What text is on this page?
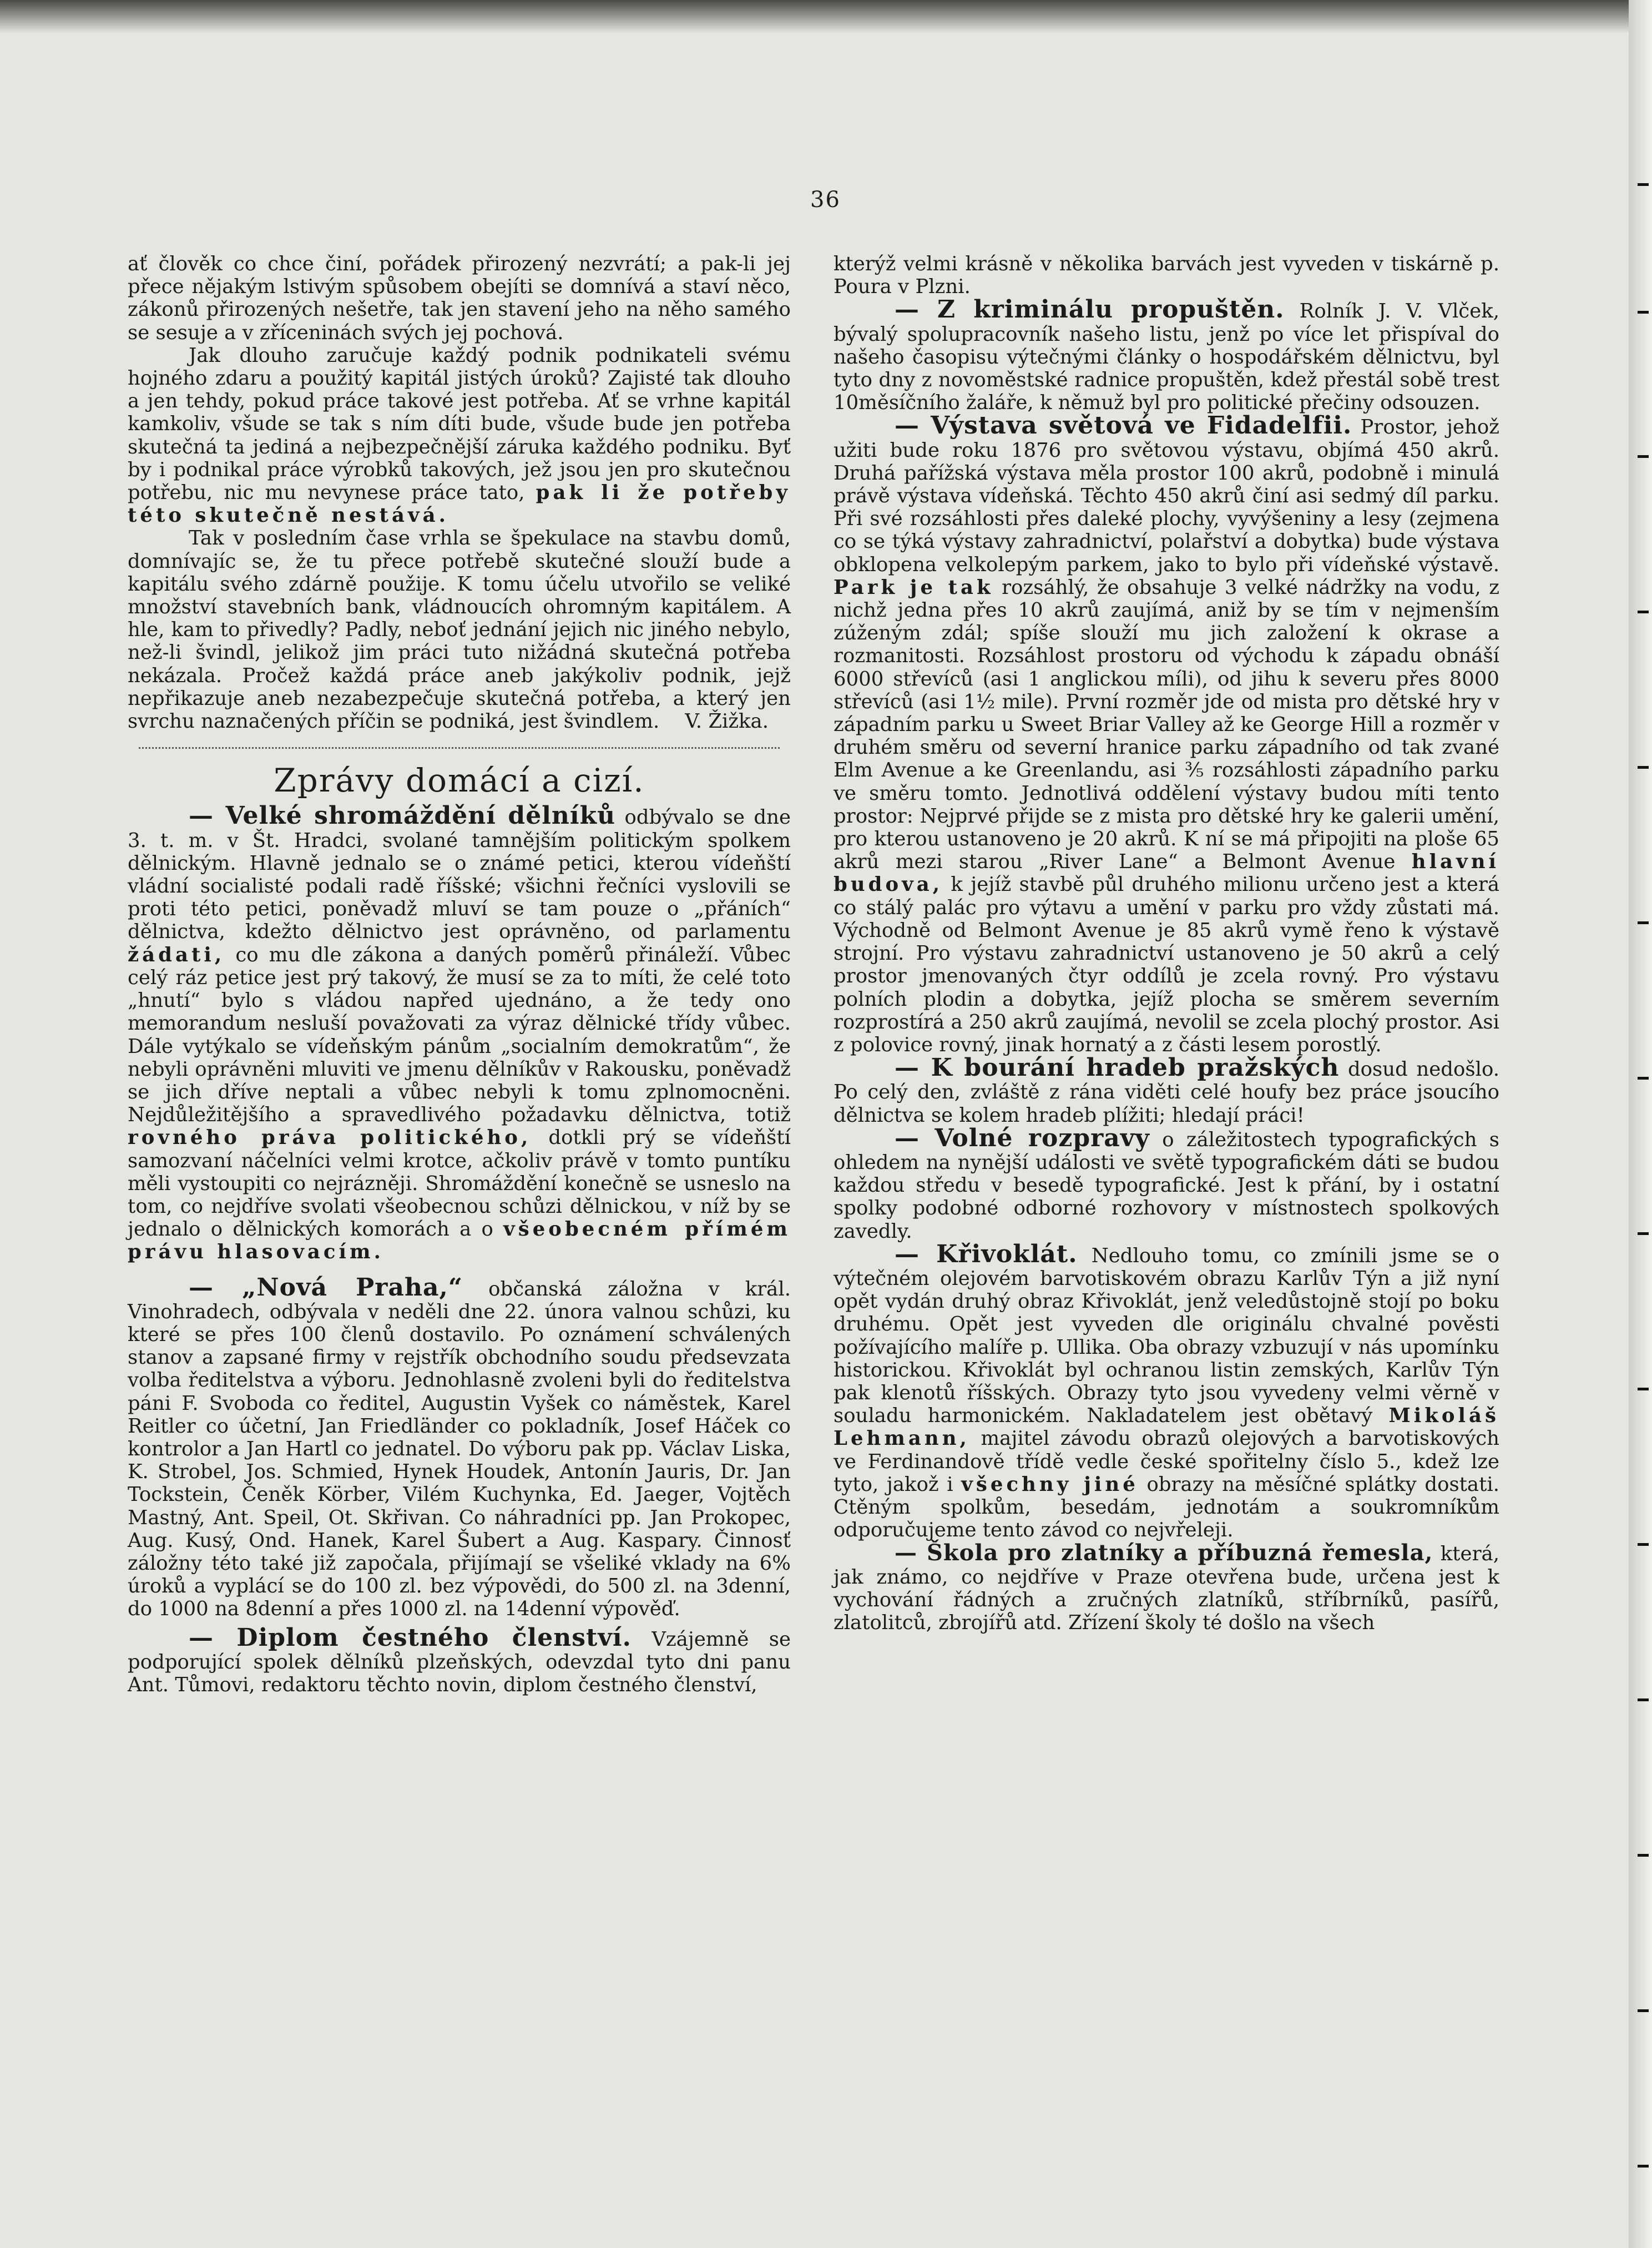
36

ať člověk co chce činí, pořádek přirozený nezvrátí; a pak-li jej přece nějakým lstivým spůsobem obejíti se domnívá a staví něco, zákonů přirozených nešetře, tak jen stavení jeho na něho samého se sesuje a v zříceninách svých jej pochová.

Jak dlouho zaručuje každý podnik podnikateli svému hojného zdaru a použitý kapitál jistých úroků? Zajisté tak dlouho a jen tehdy, pokud práce takové jest potřeba. Ať se vrhne kapitál kamkoliv, všude se tak s ním díti bude, všude bude jen potřeba skutečná ta jediná a nejbezpečnější záruka každého podniku. Byť by i podnikal práce výrobků takových, jež jsou jen pro skutečnou potřebu, nic mu nevynese práce tato, pak li že potřeby této skutečně nestává.

Tak v posledním čase vrhla se špekulace na stavbu domů, domnívajíc se, že tu přece potřebě skutečné slouží bude a kapitálu svého zdárně použije. K tomu účelu utvořilo se veliké množství stavebních bank, vládnoucích ohromným kapitálem. A hle, kam to přivedly? Padly, neboť jednání jejich nic jiného nebylo, než-li švindl, jelikož jim práci tuto nižádná skutečná potřeba nekázala. Pročež každá práce aneb jakýkoliv podnik, jejž nepřikazuje aneb nezabezpečuje skutečná potřeba, a který jen svrchu naznačených příčin se podniká, jest švindlem.	V. Žižka.

Zprávy domácí a cizí.

— Velké shromáždění dělníků odbývalo se dne 3. t. m. v Št. Hradci, svolané tamnějším politickým spolkem dělnickým. Hlavně jednalo se o známé petici, kterou vídeňští vládní socialisté podali radě říšské; všichni řečníci vyslovili se proti této petici, poněvadž mluví se tam pouze o „přáních“ dělnictva, kdežto dělnictvo jest oprávněno, od parlamentu žádati, co mu dle zákona a daných poměrů přináleží. Vůbec celý ráz petice jest prý takový, že musí se za to míti, že celé toto „hnutí“ bylo s vládou napřed ujednáno, a že tedy ono memorandum nesluší považovati za výraz dělnické třídy vůbec. Dále vytýkalo se vídeňským pánům „socialním demokratům“, že nebyli oprávněni mluviti ve jmenu dělníkův v Rakousku, poněvadž se jich dříve neptali a vůbec nebyli k tomu zplnomocněni. Nejdůležitějšího a spravedlivého požadavku dělnictva, totiž rovného práva politického, dotkli prý se vídeňští samozvaní náčelníci velmi krotce, ačkoliv právě v tomto puntíku měli vystoupiti co nejrázněji. Shromáždění konečně se usneslo na tom, co nejdříve svolati všeobecnou schůzi dělnickou, v níž by se jednalo o dělnických komorách a o všeobecném přímém právu hlasovacím.

— „Nová Praha,“ občanská záložna v král. Vinohradech, odbývala v neděli dne 22. února valnou schůzi, ku které se přes 100 členů dostavilo. Po oznámení schválených stanov a zapsané firmy v rejstřík obchodního soudu předsevzata volba ředitelstva a výboru. Jednohlasně zvoleni byli do ředitelstva páni F. Svoboda co ředitel, Augustin Vyšek co náměstek, Karel Reitler co účetní, Jan Friedländer co pokladník, Josef Háček co kontrolor a Jan Hartl co jednatel. Do výboru pak pp. Václav Liska, K. Strobel, Jos. Schmied, Hynek Houdek, Antonín Jauris, Dr. Jan Tockstein, Čeněk Körber, Vilém Kuchynka, Ed. Jaeger, Vojtěch Mastný, Ant. Speil, Ot. Skřivan. Co náhradníci pp. Jan Prokopec, Aug. Kusý, Ond. Hanek, Karel Šubert a Aug. Kaspary. Činnosť záložny této také již započala, přijímají se všeliké vklady na 6% úroků a vyplácí se do 100 zl. bez výpovědi, do 500 zl. na 3denní, do 1000 na 8denní a přes 1000 zl. na 14denní výpověď.

— Diplom čestného členství. Vzájemně se podporující spolek dělníků plzeňských, odevzdal tyto dni panu Ant. Tůmovi, redaktoru těchto novin, diplom čestného členství,

kterýž velmi krásně v několika barvách jest vyveden v tiskárně p. Poura v Plzni.

— Z kriminálu propuštěn. Rolník J. V. Vlček, bývalý spolupracovník našeho listu, jenž po více let přispíval do našeho časopisu výtečnými články o hospodářském dělnictvu, byl tyto dny z novoměstské radnice propuštěn, kdež přestál sobě trest 10měsíčního žaláře, k němuž byl pro politické přečiny odsouzen.

— Výstava světová ve Fidadelfii. Prostor, jehož užiti bude roku 1876 pro světovou výstavu, objímá 450 akrů. Druhá pařížská výstava měla prostor 100 akrů, podobně i minulá právě výstava vídeňská. Těchto 450 akrů činí asi sedmý díl parku. Při své rozsáhlosti přes daleké plochy, vyvýšeniny a lesy (zejmena co se týká výstavy zahradnictví, polařství a dobytka) bude výstava obklopena velkolepým parkem, jako to bylo při vídeňské výstavě. Park je tak rozsáhlý, že obsahuje 3 velké nádržky na vodu, z nichž jedna přes 10 akrů zaujímá, aniž by se tím v nejmenším zúženým zdál; spíše slouží mu jich založení k okrase a rozmanitosti. Rozsáhlost prostoru od východu k západu obnáší 6000 střevíců (asi 1 anglickou míli), od jihu k severu přes 8000 střevíců (asi 1½ mile). První rozměr jde od mista pro dětské hry v západním parku u Sweet Briar Valley až ke George Hill a rozměr v druhém směru od severní hranice parku západního od tak zvané Elm Avenue a ke Greenlandu, asi ³⁄₅ rozsáhlosti západního parku ve směru tomto. Jednotlivá oddělení výstavy budou míti tento prostor: Nejprvé přijde se z mista pro dětské hry ke galerii umění, pro kterou ustanoveno je 20 akrů. K ní se má připojiti na ploše 65 akrů mezi starou „River Lane“ a Belmont Avenue hlavní budova, k jejíž stavbě půl druhého milionu určeno jest a která co stálý palác pro výtavu a umění v parku pro vždy zůstati má. Východně od Belmont Avenue je 85 akrů vymě řeno k výstavě strojní. Pro výstavu zahradnictví ustanoveno je 50 akrů a celý prostor jmenovaných čtyr oddílů je zcela rovný. Pro výstavu polních plodin a dobytka, jejíž plocha se směrem severním rozprostírá a 250 akrů zaujímá, nevolil se zcela plochý prostor. Asi z polovice rovný, jinak hornatý a z části lesem porostlý.

— K bourání hradeb pražských dosud nedošlo. Po celý den, zvláště z rána viděti celé houfy bez práce jsoucího dělnictva se kolem hradeb plížiti; hledají práci!

— Volné rozpravy o záležitostech typografických s ohledem na nynější události ve světě typografickém dáti se budou každou středu v besedě typografické. Jest k přání, by i ostatní spolky podobné odborné rozhovory v místnostech spolkových zavedly.

— Křivoklát. Nedlouho tomu, co zmínili jsme se o výtečném olejovém barvotiskovém obrazu Karlův Týn a již nyní opět vydán druhý obraz Křivoklát, jenž veledůstojně stojí po boku druhému. Opět jest vyveden dle originálu chvalné pověsti požívajícího malíře p. Ullika. Oba obrazy vzbuzují v nás upomínku historickou. Křivoklát byl ochranou listin zemských, Karlův Týn pak klenotů říšských. Obrazy tyto jsou vyvedeny velmi věrně v souladu harmonickém. Nakladatelem jest obětavý Mikoláš Lehmann, majitel závodu obrazů olejových a barvotiskových ve Ferdinandově třídě vedle české spořitelny číslo 5., kdež lze tyto, jakož i všechny jiné obrazy na měsíčné splátky dostati. Ctěným spolkům, besedám, jednotám a soukromníkům odporučujeme tento závod co nejvřeleji.

— Škola pro zlatníky a příbuzná řemesla, která, jak známo, co nejdříve v Praze otevřena bude, určena jest k vychování řádných a zručných zlatníků, stříbrníků, pasířů, zlatolitců, zbrojířů atd. Zřízení školy té došlo na všech
